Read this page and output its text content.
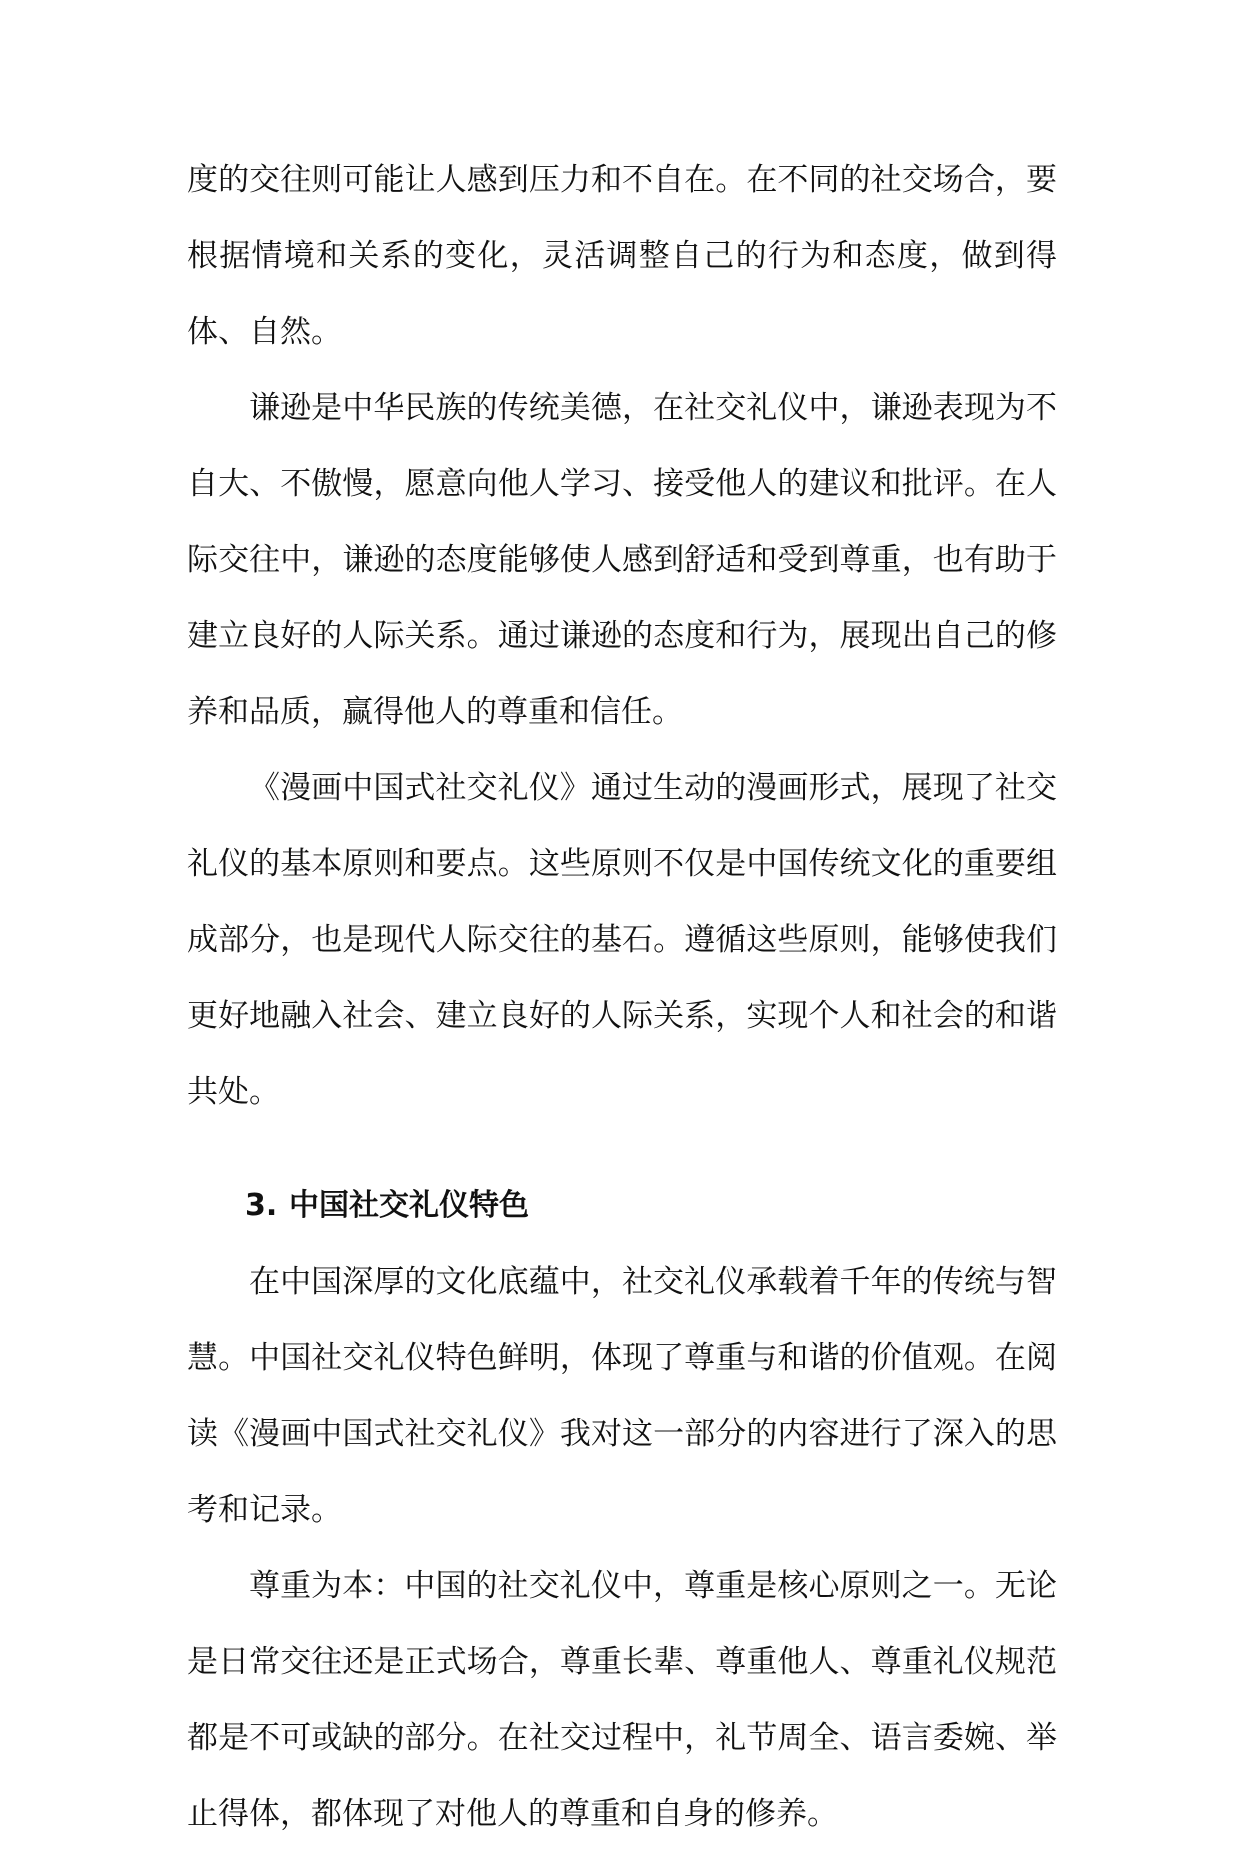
度的交往则可能让人感到压力和不自在。在不同的社交场合，要根据情境和关系的变化，灵活调整自己的行为和态度，做到得体、自然。

谦逊是中华民族的传统美德，在社交礼仪中，谦逊表现为不自大、不傲慢，愿意向他人学习、接受他人的建议和批评。在人际交往中，谦逊的态度能够使人感到舒适和受到尊重，也有助于建立良好的人际关系。通过谦逊的态度和行为，展现出自己的修养和品质，赢得他人的尊重和信任。

《漫画中国式社交礼仪》通过生动的漫画形式，展现了社交礼仪的基本原则和要点。这些原则不仅是中国传统文化的重要组成部分，也是现代人际交往的基石。遵循这些原则，能够使我们更好地融入社会、建立良好的人际关系，实现个人和社会的和谐共处。

3. 中国社交礼仪特色

在中国深厚的文化底蕴中，社交礼仪承载着千年的传统与智慧。中国社交礼仪特色鲜明，体现了尊重与和谐的价值观。在阅读《漫画中国式社交礼仪》我对这一部分的内容进行了深入的思考和记录。

尊重为本：中国的社交礼仪中，尊重是核心原则之一。无论是日常交往还是正式场合，尊重长辈、尊重他人、尊重礼仪规范都是不可或缺的部分。在社交过程中，礼节周全、语言委婉、举止得体，都体现了对他人的尊重和自身的修养。
